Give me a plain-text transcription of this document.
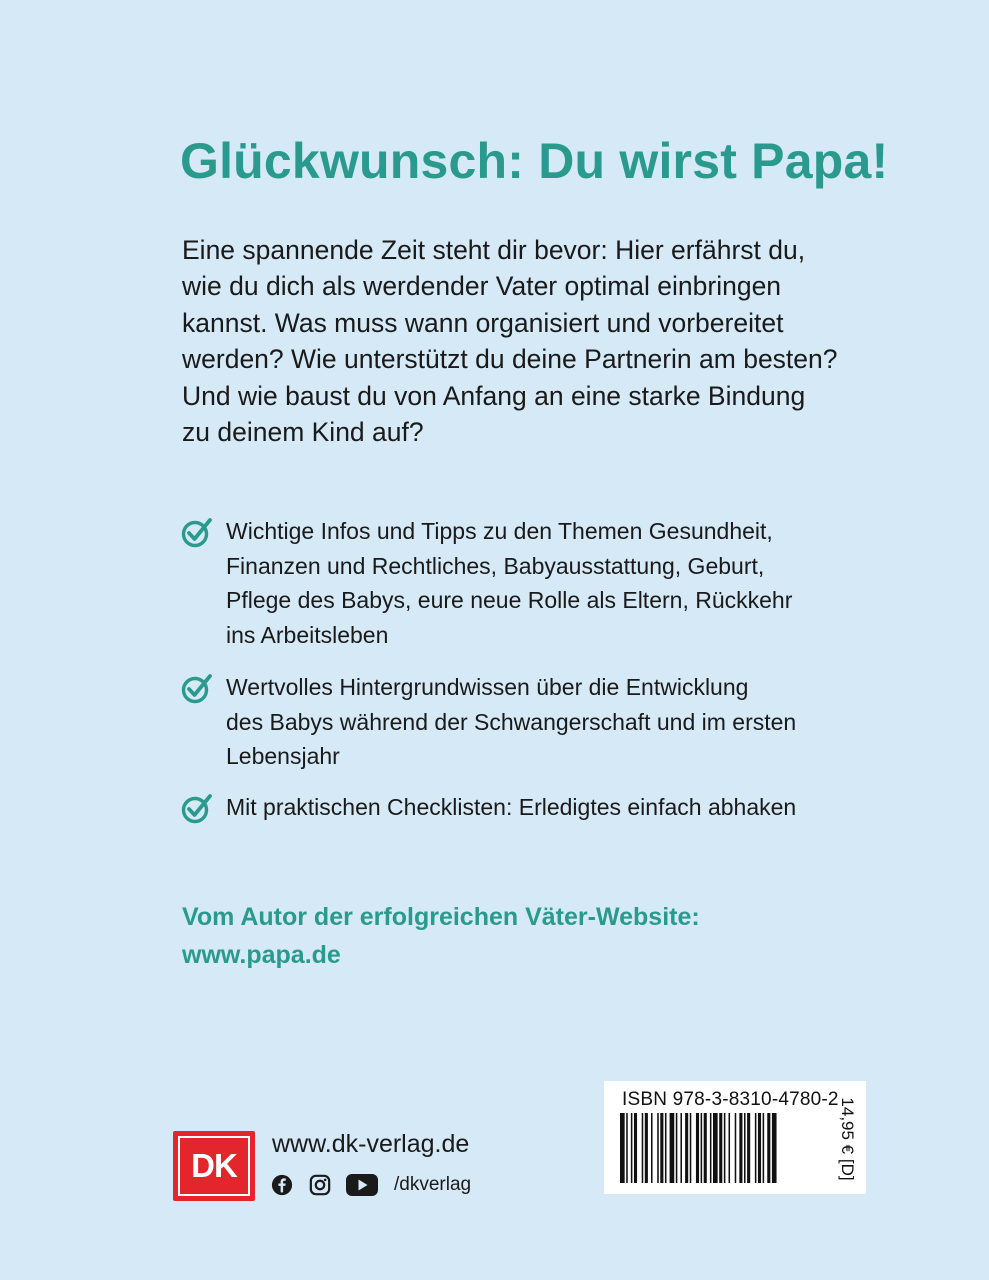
Glückwunsch: Du wirst Papa!

Eine spannende Zeit steht dir bevor: Hier erfährst du,
wie du dich als werdender Vater optimal einbringen
kannst. Was muss wann organisiert und vorbereitet
werden? Wie unterstützt du deine Partnerin am besten?
Und wie baust du von Anfang an eine starke Bindung
zu deinem Kind auf?

Wichtige Infos und Tipps zu den Themen Gesundheit,
Finanzen und Rechtliches, Babyausstattung, Geburt,
Pflege des Babys, eure neue Rolle als Eltern, Rückkehr
ins Arbeitsleben
Wertvolles Hintergrundwissen über die Entwicklung
des Babys während der Schwangerschaft und im ersten
Lebensjahr
Mit praktischen Checklisten: Erledigtes einfach abhaken
Vom Autor der erfolgreichen Väter-Website:
www.papa.de
DK
www.dk-verlag.de
/dkverlag
ISBN 978-3-8310-4780-2 14,95 € [D]
